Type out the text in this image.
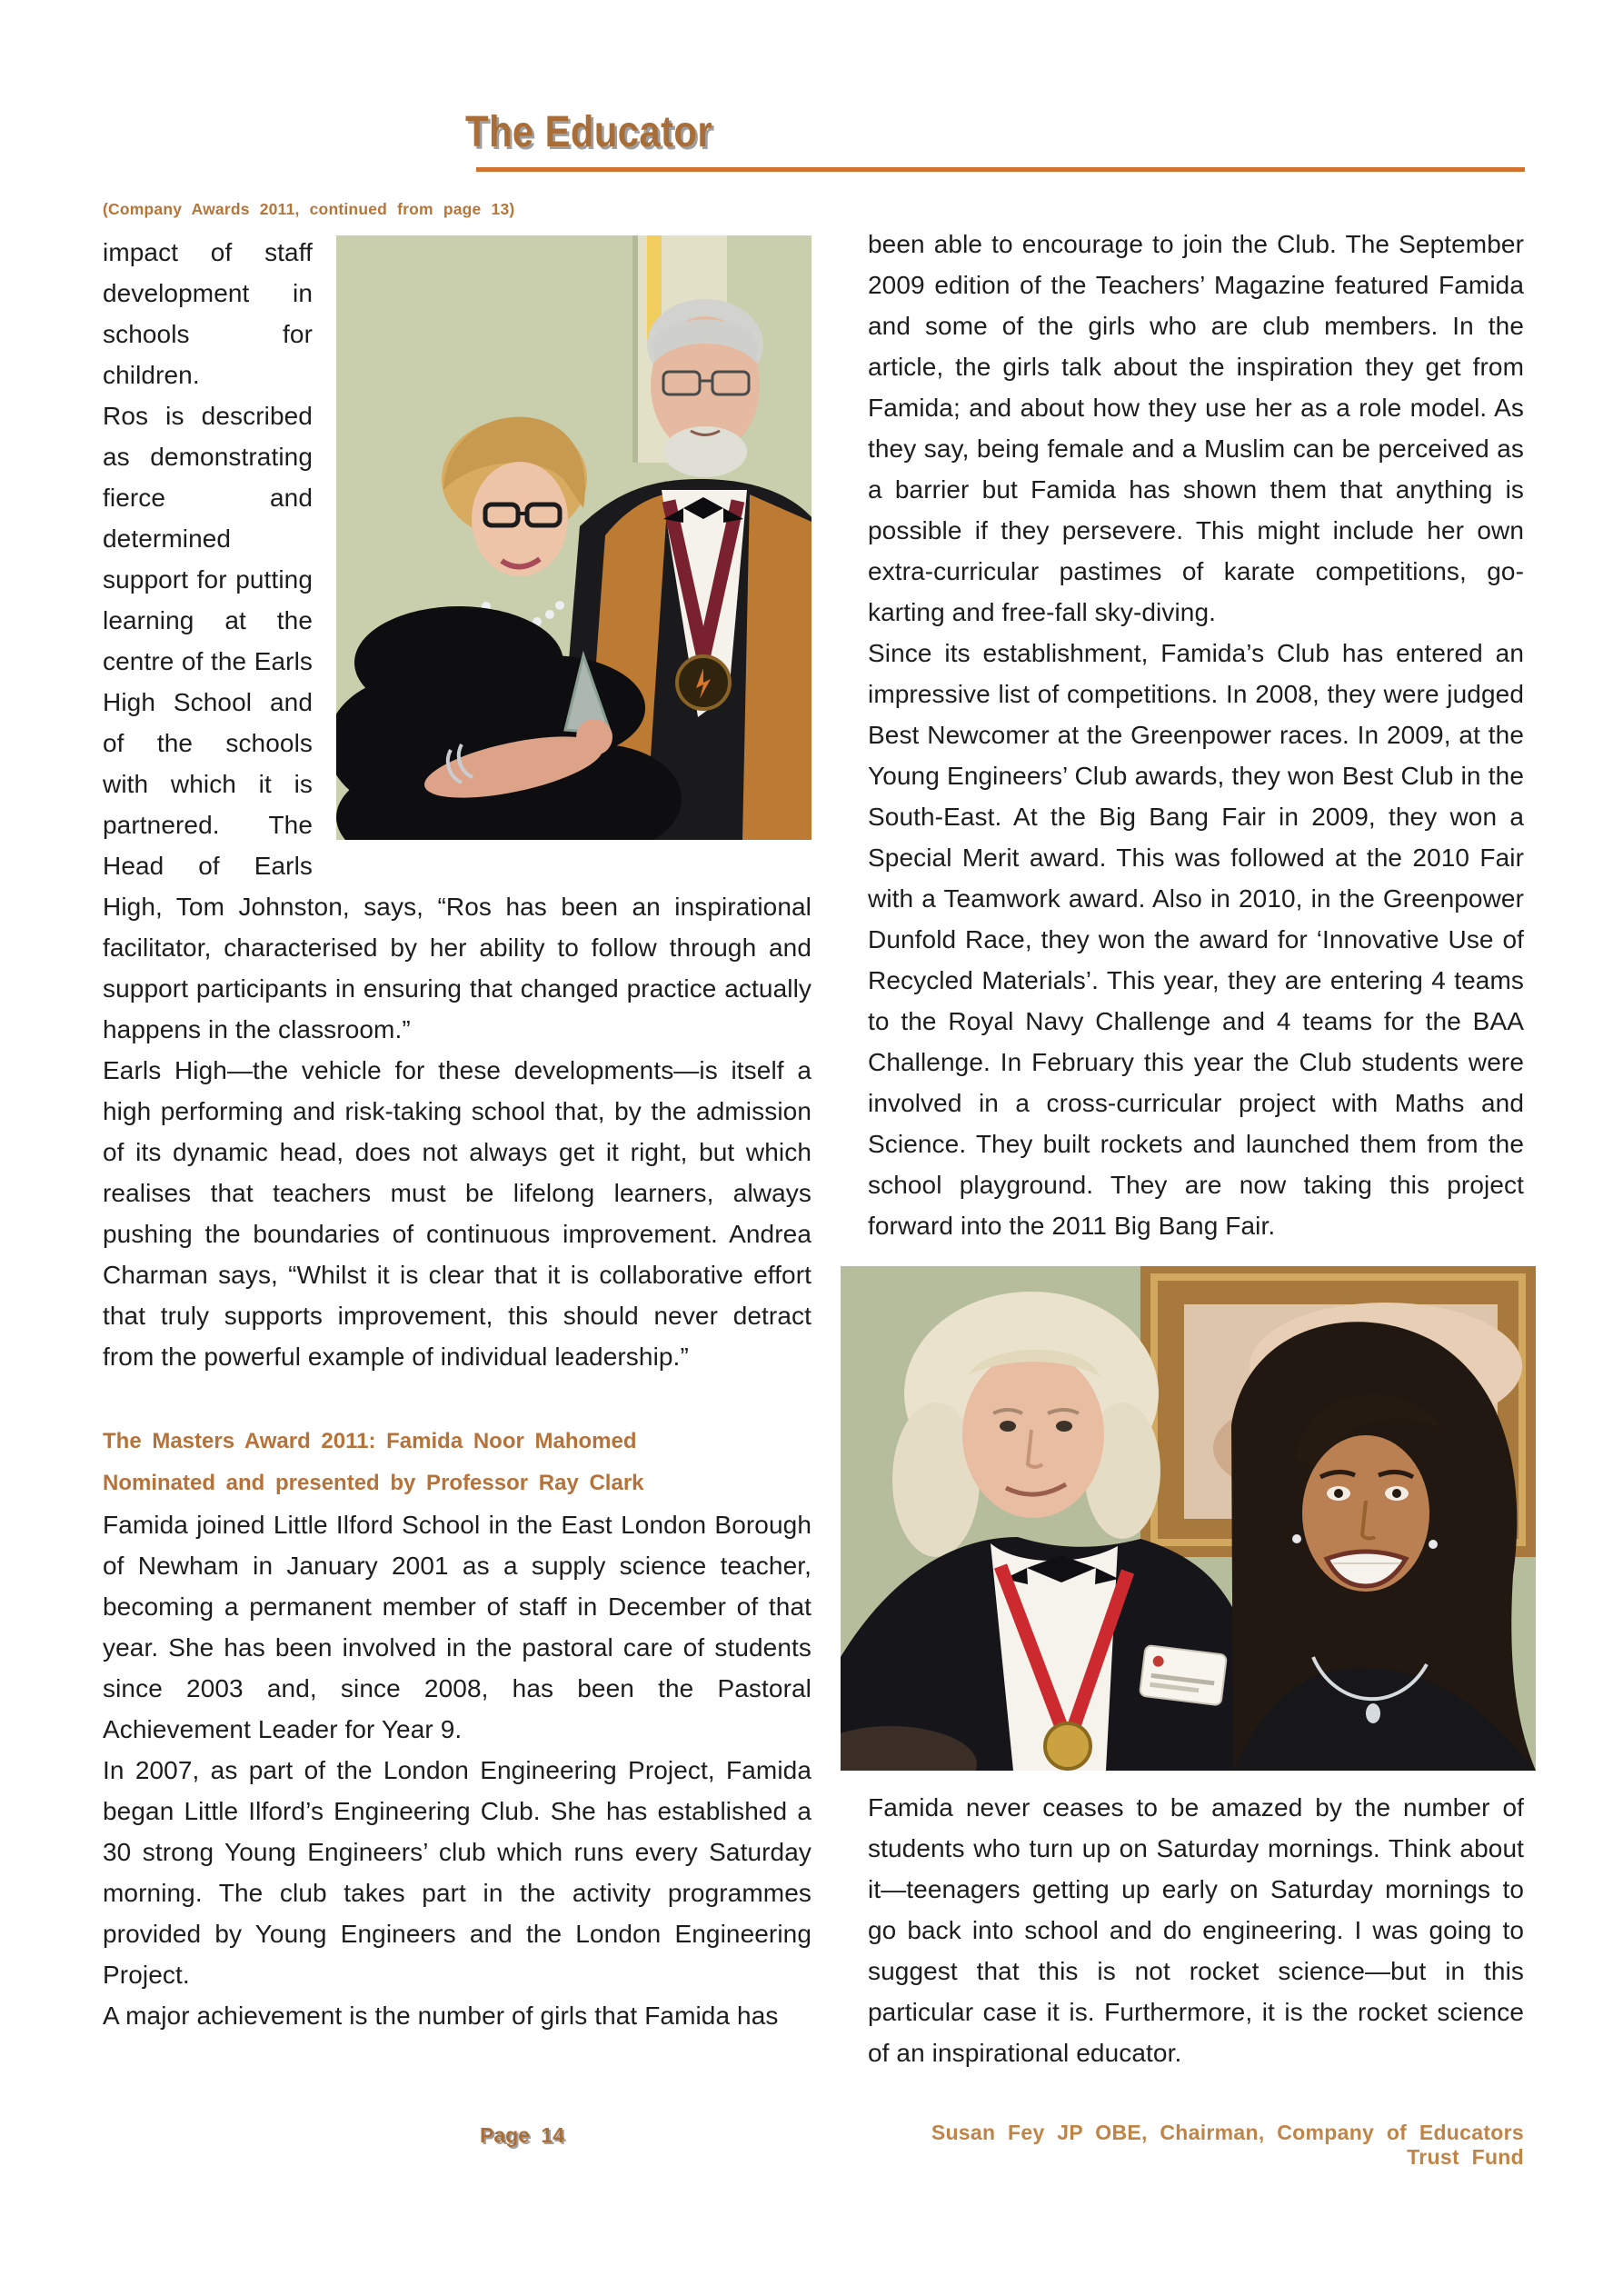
The Educator
(Company Awards 2011, continued from page 13)

impact of staff development in schools for children.

Ros is described as demonstrating fierce and determined support for putting learning at the centre of the Earls High School and of the schools with which it is partnered. The Head of Earls High, Tom Johnston, says, “Ros has been an inspirational facilitator, characterised by her ability to follow through and support participants in ensuring that changed practice actually happens in the classroom.”

Earls High—the vehicle for these developments—is itself a high performing and risk-taking school that, by the admission of its dynamic head, does not always get it right, but which realises that teachers must be lifelong learners, always pushing the boundaries of continuous improvement. Andrea Charman says, “Whilst it is clear that it is collaborative effort that truly supports improvement, this should never detract from the powerful example of individual leadership.”

The Masters Award 2011: Famida Noor Mahomed
Nominated and presented by Professor Ray Clark

Famida joined Little Ilford School in the East London Borough of Newham in January 2001 as a supply science teacher, becoming a permanent member of staff in December of that year. She has been involved in the pastoral care of students since 2003 and, since 2008, has been the Pastoral Achievement Leader for Year 9.

In 2007, as part of the London Engineering Project, Famida began Little Ilford’s Engineering Club. She has established a 30 strong Young Engineers’ club which runs every Saturday morning. The club takes part in the activity programmes provided by Young Engineers and the London Engineering Project.

A major achievement is the number of girls that Famida has

been able to encourage to join the Club. The September 2009 edition of the Teachers’ Magazine featured Famida and some of the girls who are club members. In the article, the girls talk about the inspiration they get from Famida; and about how they use her as a role model. As they say, being female and a Muslim can be perceived as a barrier but Famida has shown them that anything is possible if they persevere. This might include her own extra-curricular pastimes of karate competitions, go-karting and free-fall sky-diving.

Since its establishment, Famida’s Club has entered an impressive list of competitions. In 2008, they were judged Best Newcomer at the Greenpower races. In 2009, at the Young Engineers’ Club awards, they won Best Club in the South-East. At the Big Bang Fair in 2009, they won a Special Merit award. This was followed at the 2010 Fair with a Teamwork award. Also in 2010, in the Greenpower Dunfold Race, they won the award for ‘Innovative Use of Recycled Materials’. This year, they are entering 4 teams to the Royal Navy Challenge and 4 teams for the BAA Challenge. In February this year the Club students were involved in a cross-curricular project with Maths and Science. They built rockets and launched them from the school playground. They are now taking this project forward into the 2011 Big Bang Fair.

Famida never ceases to be amazed by the number of students who turn up on Saturday mornings. Think about it—teenagers getting up early on Saturday mornings to go back into school and do engineering. I was going to suggest that this is not rocket science—but in this particular case it is. Furthermore, it is the rocket science of an inspirational educator.

Susan Fey JP OBE, Chairman, Company of Educators Trust Fund
Page 14
